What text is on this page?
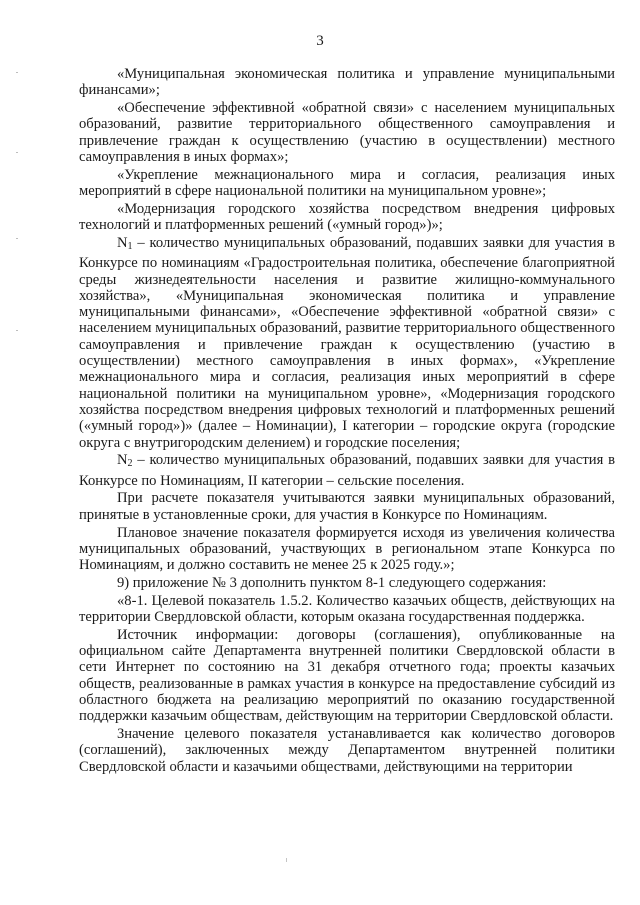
3

«Муниципальная экономическая политика и управление муниципальными финансами»;

«Обеспечение эффективной «обратной связи» с населением муниципальных образований, развитие территориального общественного самоуправления и привлечение граждан к осуществлению (участию в осуществлении) местного самоуправления в иных формах»;

«Укрепление межнационального мира и согласия, реализация иных мероприятий в сфере национальной политики на муниципальном уровне»;

«Модернизация городского хозяйства посредством внедрения цифровых технологий и платформенных решений («умный город»)»;

$N_1$ – количество муниципальных образований, подавших заявки для участия в Конкурсе по номинациям «Градостроительная политика, обеспечение благоприятной среды жизнедеятельности населения и развитие жилищно-коммунального хозяйства», «Муниципальная экономическая политика и управление муниципальными финансами», «Обеспечение эффективной «обратной связи» с населением муниципальных образований, развитие территориального общественного самоуправления и привлечение граждан к осуществлению (участию в осуществлении) местного самоуправления в иных формах», «Укрепление межнационального мира и согласия, реализация иных мероприятий в сфере национальной политики на муниципальном уровне», «Модернизация городского хозяйства посредством внедрения цифровых технологий и платформенных решений («умный город»)» (далее – Номинации), I категории – городские округа (городские округа с внутригородским делением) и городские поселения;

$N_2$ – количество муниципальных образований, подавших заявки для участия в Конкурсе по Номинациям, II категории – сельские поселения.

При расчете показателя учитываются заявки муниципальных образований, принятые в установленные сроки, для участия в Конкурсе по Номинациям.

Плановое значение показателя формируется исходя из увеличения количества муниципальных образований, участвующих в региональном этапе Конкурса по Номинациям, и должно составить не менее 25 к 2025 году.»;

9) приложение № 3 дополнить пунктом 8-1 следующего содержания:

«8-1. Целевой показатель 1.5.2. Количество казачьих обществ, действующих на территории Свердловской области, которым оказана государственная поддержка.

Источник информации: договоры (соглашения), опубликованные на официальном сайте Департамента внутренней политики Свердловской области в сети Интернет по состоянию на 31 декабря отчетного года; проекты казачьих обществ, реализованные в рамках участия в конкурсе на предоставление субсидий из областного бюджета на реализацию мероприятий по оказанию государственной поддержки казачьим обществам, действующим на территории Свердловской области.

Значение целевого показателя устанавливается как количество договоров (соглашений), заключенных между Департаментом внутренней политики Свердловской области и казачьими обществами, действующими на территории
